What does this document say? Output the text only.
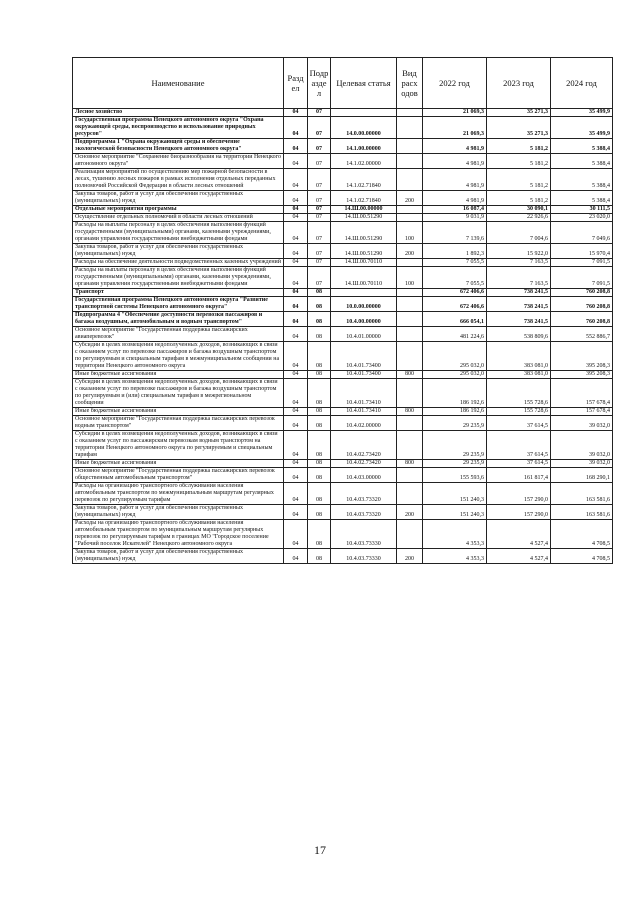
Наименование	Разд ел	Подр азде л	Целевая статья	Вид расх одов	2022 год	2023 год	2024 год
Лесное хозяйство	04	07			21 069,3	35 271,3	35 499,9
Государственная программа Ненецкого автономного округа "Охрана окружающей среды, воспроизводство и использование природных ресурсов"	04	07	14.0.00.00000		21 069,3	35 271,3	35 499,9
Подпрограмма 1 "Охрана окружающей среды и обеспечение экологической безопасности Ненецкого автономного округа"	04	07	14.1.00.00000		4 981,9	5 181,2	5 388,4
Основное мероприятие "Сохранение биоразнообразия на территории Ненецкого автономного округа"	04	07	14.1.02.00000		4 981,9	5 181,2	5 388,4
Реализация мероприятий по осуществлению мер пожарной безопасности в лесах, тушению лесных пожаров в рамках исполнения отдельных переданных полномочий Российской Федерации в области лесных отношений	04	07	14.1.02.71840		4 981,9	5 181,2	5 388,4
Закупка товаров, работ и услуг для обеспечения государственных (муниципальных) нужд	04	07	14.1.02.71840	200	4 981,9	5 181,2	5 388,4
Отдельные мероприятия программы	04	07	14.Ш.00.00000		16 087,4	30 090,1	30 111,5
Осуществление отдельных полномочий в области лесных отношений	04	07	14.Ш.00.51290		9 031,9	22 926,6	23 020,0
Расходы на выплаты персоналу в целях обеспечения выполнения функций государственными (муниципальными) органами, казенными учреждениями, органами управления государственными внебюджетными фондами	04	07	14.Ш.00.51290	100	7 139,6	7 004,6	7 049,6
Закупка товаров, работ и услуг для обеспечения государственных (муниципальных) нужд	04	07	14.Ш.00.51290	200	1 892,3	15 922,0	15 970,4
Расходы на обеспечение деятельности подведомственных казенных учреждений	04	07	14.Ш.00.70110		7 055,5	7 163,5	7 091,5
Расходы на выплаты персоналу в целях обеспечения выполнения функций государственными (муниципальными) органами, казенными учреждениями, органами управления государственными внебюджетными фондами	04	07	14.Ш.00.70110	100	7 055,5	7 163,5	7 091,5
Транспорт	04	08			672 406,6	738 241,5	760 208,8
Государственная программа Ненецкого автономного округа "Развитие транспортной системы Ненецкого автономного округа"	04	08	10.0.00.00000		672 406,6	738 241,5	760 208,8
Подпрограмма 4 "Обеспечение доступности перевозки пассажиров и багажа воздушным, автомобильным и водным транспортом"	04	08	10.4.00.00000		666 054,1	738 241,5	760 208,8
Основное мероприятие "Государственная поддержка пассажирских авиаперевозок"	04	08	10.4.01.00000		481 224,6	538 809,6	552 886,7
Субсидии в целях возмещения недополученных доходов, возникающих в связи с оказанием услуг по перевозке пассажиров и багажа воздушным транспортом по регулируемым и специальным тарифам в межмуниципальном сообщении на территории Ненецкого автономного округа	04	08	10.4.01.73400		295 032,0	383 081,0	395 208,3
Иные бюджетные ассигнования	04	08	10.4.01.73400	800	295 032,0	383 081,0	395 208,3
Субсидии в целях возмещения недополученных доходов, возникающих в связи с оказанием услуг по перевозке пассажиров и багажа воздушным транспортом по регулируемым и (или) специальным тарифам в межрегиональном сообщении	04	08	10.4.01.73410		186 192,6	155 728,6	157 678,4
Иные бюджетные ассигнования	04	08	10.4.01.73410	800	186 192,6	155 728,6	157 678,4
Основное мероприятие "Государственная поддержка пассажирских перевозок водным транспортом"	04	08	10.4.02.00000		29 235,9	37 614,5	39 032,0
Субсидии в целях возмещения недополученных доходов, возникающих в связи с оказанием услуг по пассажирским перевозкам водным транспортом на территории Ненецкого автономного округа по регулируемым и специальным тарифам	04	08	10.4.02.73420		29 235,9	37 614,5	39 032,0
Иные бюджетные ассигнования	04	08	10.4.02.73420	800	29 235,9	37 614,5	39 032,0
Основное мероприятие "Государственная поддержка пассажирских перевозок общественным автомобильным транспортом"	04	08	10.4.03.00000		155 593,6	161 817,4	168 290,1
Расходы на организацию транспортного обслуживания населения автомобильным транспортом по межмуниципальным маршрутам регулярных перевозок по регулируемым тарифам	04	08	10.4.03.73320		151 240,3	157 290,0	163 581,6
Закупка товаров, работ и услуг для обеспечения государственных (муниципальных) нужд	04	08	10.4.03.73320	200	151 240,3	157 290,0	163 581,6
Расходы на организацию транспортного обслуживания населения автомобильным транспортом по муниципальным маршрутам регулярных перевозок по регулируемым тарифам в границах МО "Городское поселение "Рабочий поселок Искателей" Ненецкого автономного округа	04	08	10.4.03.73330		4 353,3	4 527,4	4 708,5
Закупка товаров, работ и услуг для обеспечения государственных (муниципальных) нужд	04	08	10.4.03.73330	200	4 353,3	4 527,4	4 708,5
17
